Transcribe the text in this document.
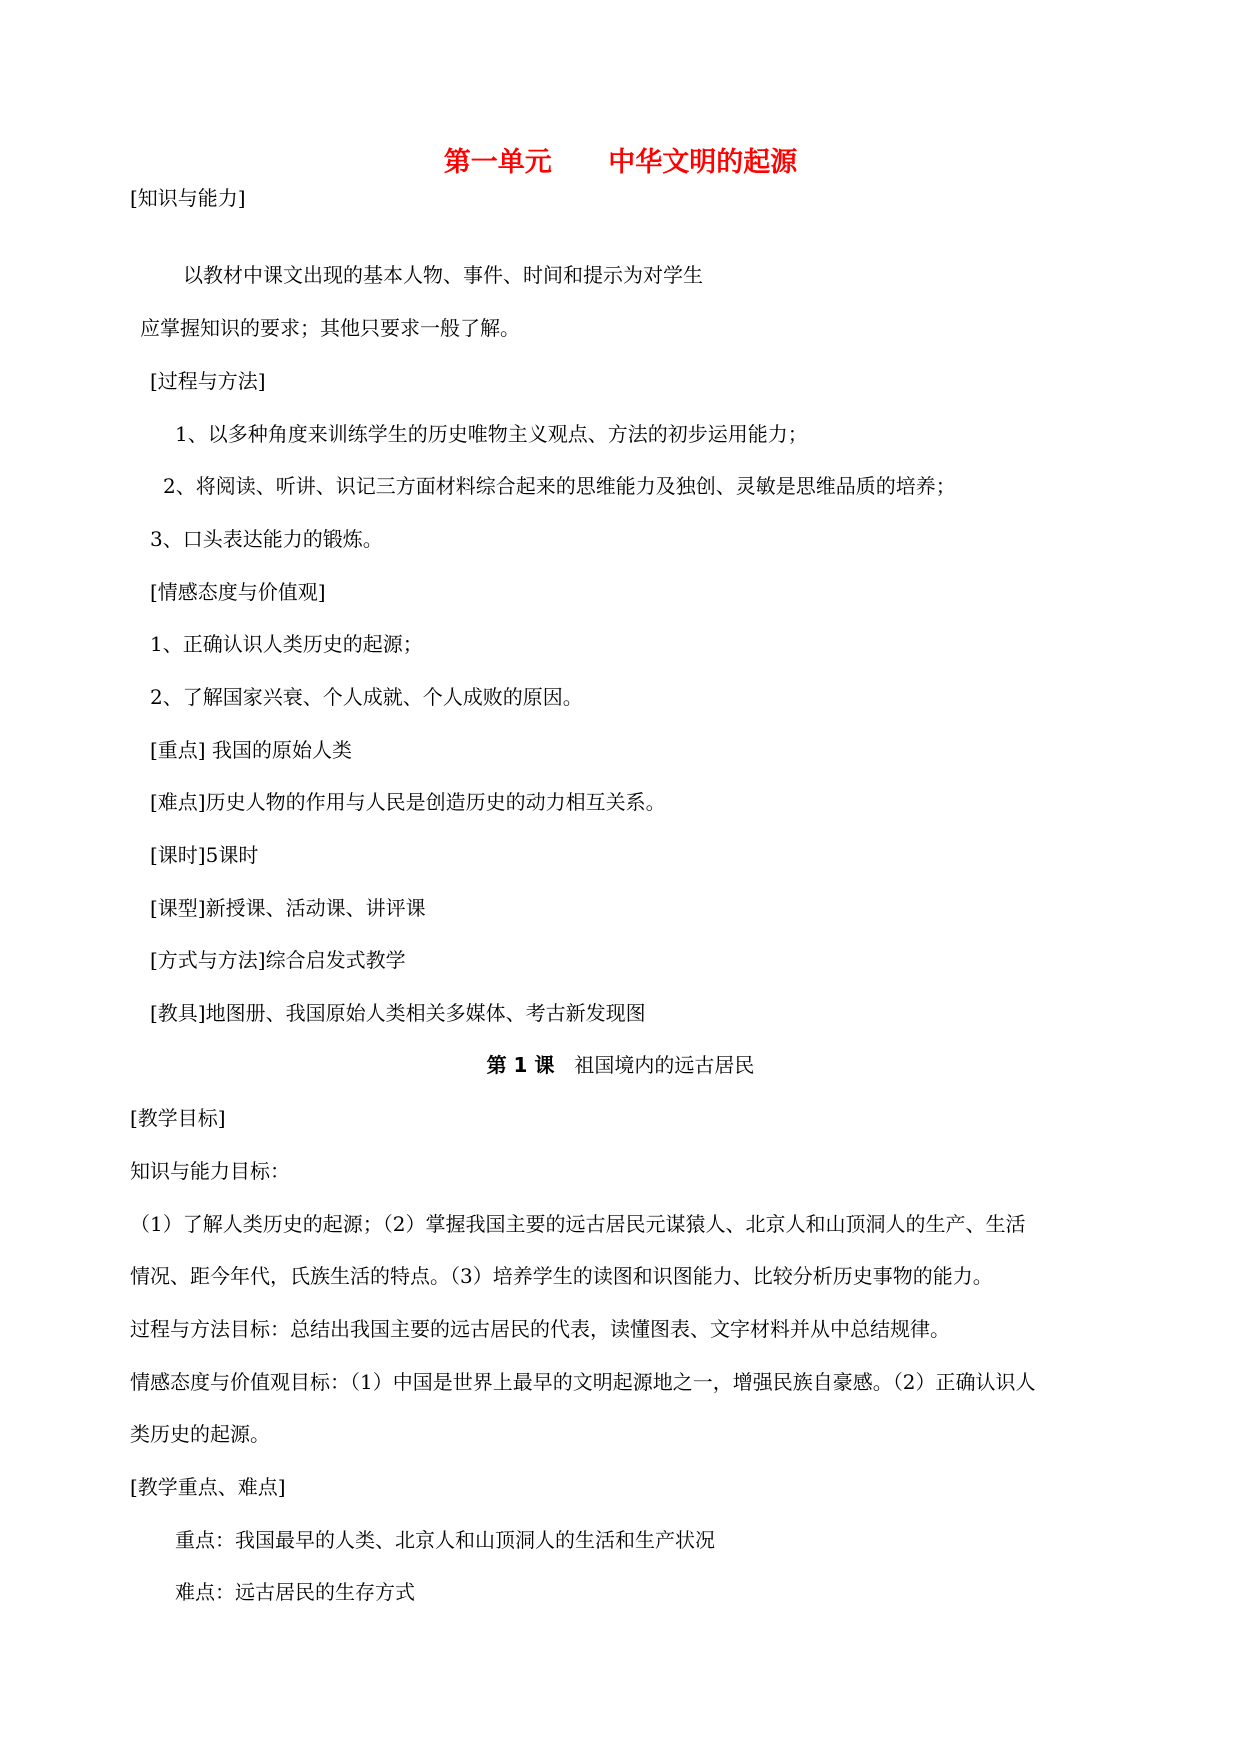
第一单元      中华文明的起源
[知识与能力]
以教材中课文出现的基本人物、事件、时间和提示为对学生
应掌握知识的要求；其他只要求一般了解。
[过程与方法]
1、以多种角度来训练学生的历史唯物主义观点、方法的初步运用能力；
2、将阅读、听讲、识记三方面材料综合起来的思维能力及独创、灵敏是思维品质的培养；
3、口头表达能力的锻炼。
[情感态度与价值观]
1、正确认识人类历史的起源；
2、了解国家兴衰、个人成就、个人成败的原因。
[重点] 我国的原始人类
[难点]历史人物的作用与人民是创造历史的动力相互关系。
[课时]5课时
[课型]新授课、活动课、讲评课
[方式与方法]综合启发式教学
[教具]地图册、我国原始人类相关多媒体、考古新发现图
第 1 课 祖国境内的远古居民
[教学目标]
知识与能力目标：
（1）了解人类历史的起源；（2）掌握我国主要的远古居民元谋猿人、北京人和山顶洞人的生产、生活
情况、距今年代，氏族生活的特点。（3）培养学生的读图和识图能力、比较分析历史事物的能力。
过程与方法目标：总结出我国主要的远古居民的代表，读懂图表、文字材料并从中总结规律。
情感态度与价值观目标：（1）中国是世界上最早的文明起源地之一，增强民族自豪感。（2）正确认识人
类历史的起源。
[教学重点、难点]
重点：我国最早的人类、北京人和山顶洞人的生活和生产状况
难点：远古居民的生存方式
